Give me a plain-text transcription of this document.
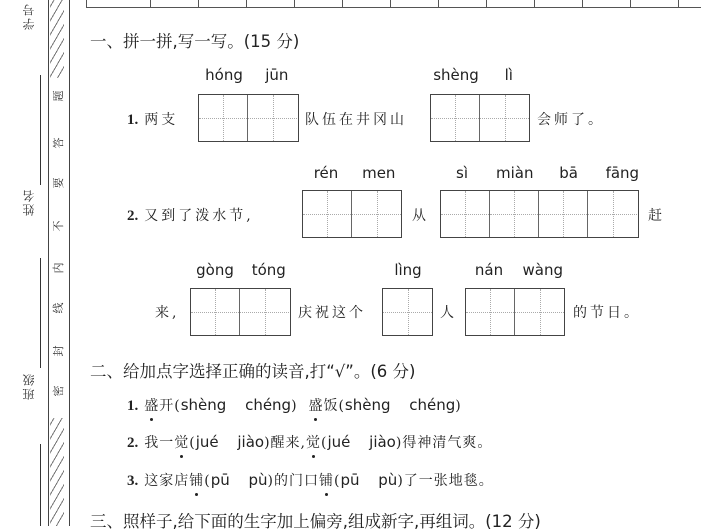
学号
姓名
班级
题
答
要
不
内
线
封
密
一、拼一拼,写一写。(15 分)
hóng jūn
1. 两支	队伍在井冈山
shèng lì
会师了。
rén men
2. 又到了泼水节,	从
sì miàn bā fāng
赶
gòng tóng
来,	庆祝这个
lìng
人
nán wàng
的节日。
二、给加点字选择正确的读音,打“√”。(6 分)
1. 盛开(shèng chéng)  盛饭(shèng chéng)
2. 我一觉(jué jiào)醒来,觉(jué jiào)得神清气爽。
3. 这家店铺(pū pù)的门口铺(pū pù)了一张地毯。
三、照样子,给下面的生字加上偏旁,组成新字,再组词。(12 分)
